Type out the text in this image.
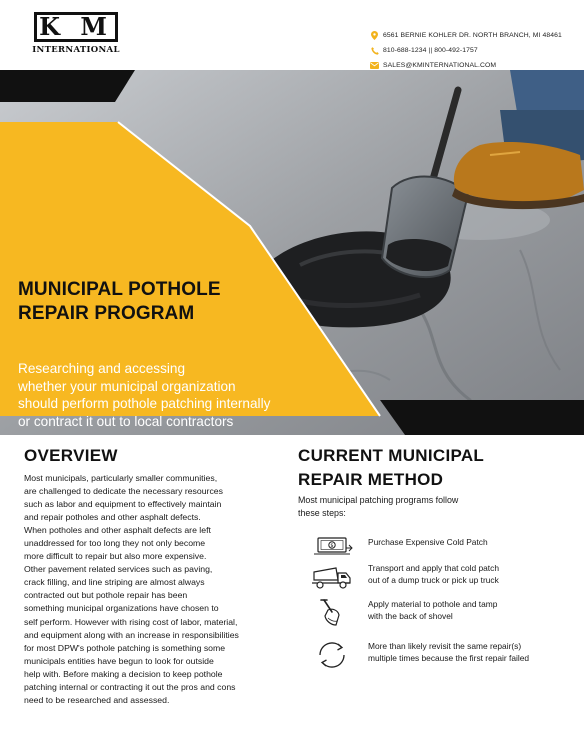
K M
INTERNATIONAL
6561 BERNIE KOHLER DR. NORTH BRANCH, MI 48461
810-688-1234 || 800-492-1757
SALES@KMINTERNATIONAL.COM
MUNICIPAL POTHOLE
REPAIR PROGRAM
Researching and accessing
whether your municipal organization
should perform pothole patching internally
or contract it out to local contractors
OVERVIEW
Most municipals, particularly smaller communities,
are challenged to dedicate the necessary resources
such as labor and equipment to effectively maintain
and repair potholes and other asphalt defects.
When potholes and other asphalt defects are left
unaddressed for too long they not only become
more difficult to repair but also more expensive.
Other pavement related services such as paving,
crack filling, and line striping are almost always
contracted out but pothole repair has been
something municipal organizations have chosen to
self perform. However with rising cost of labor, material,
and equipment along with an increase in responsibilities
for most DPW's pothole patching is something some
municipals entities have begun to look for outside
help with. Before making a decision to keep pothole
patching internal or contracting it out the pros and cons
need to be researched and assessed.
CURRENT MUNICIPAL
REPAIR METHOD
Most municipal patching programs follow
these steps:
$	Purchase Expensive Cold Patch
Transport and apply that cold patch
out of a dump truck or pick up truck
Apply material to pothole and tamp
with the back of shovel
More than likely revisit the same repair(s)
multiple times because the first repair failed
